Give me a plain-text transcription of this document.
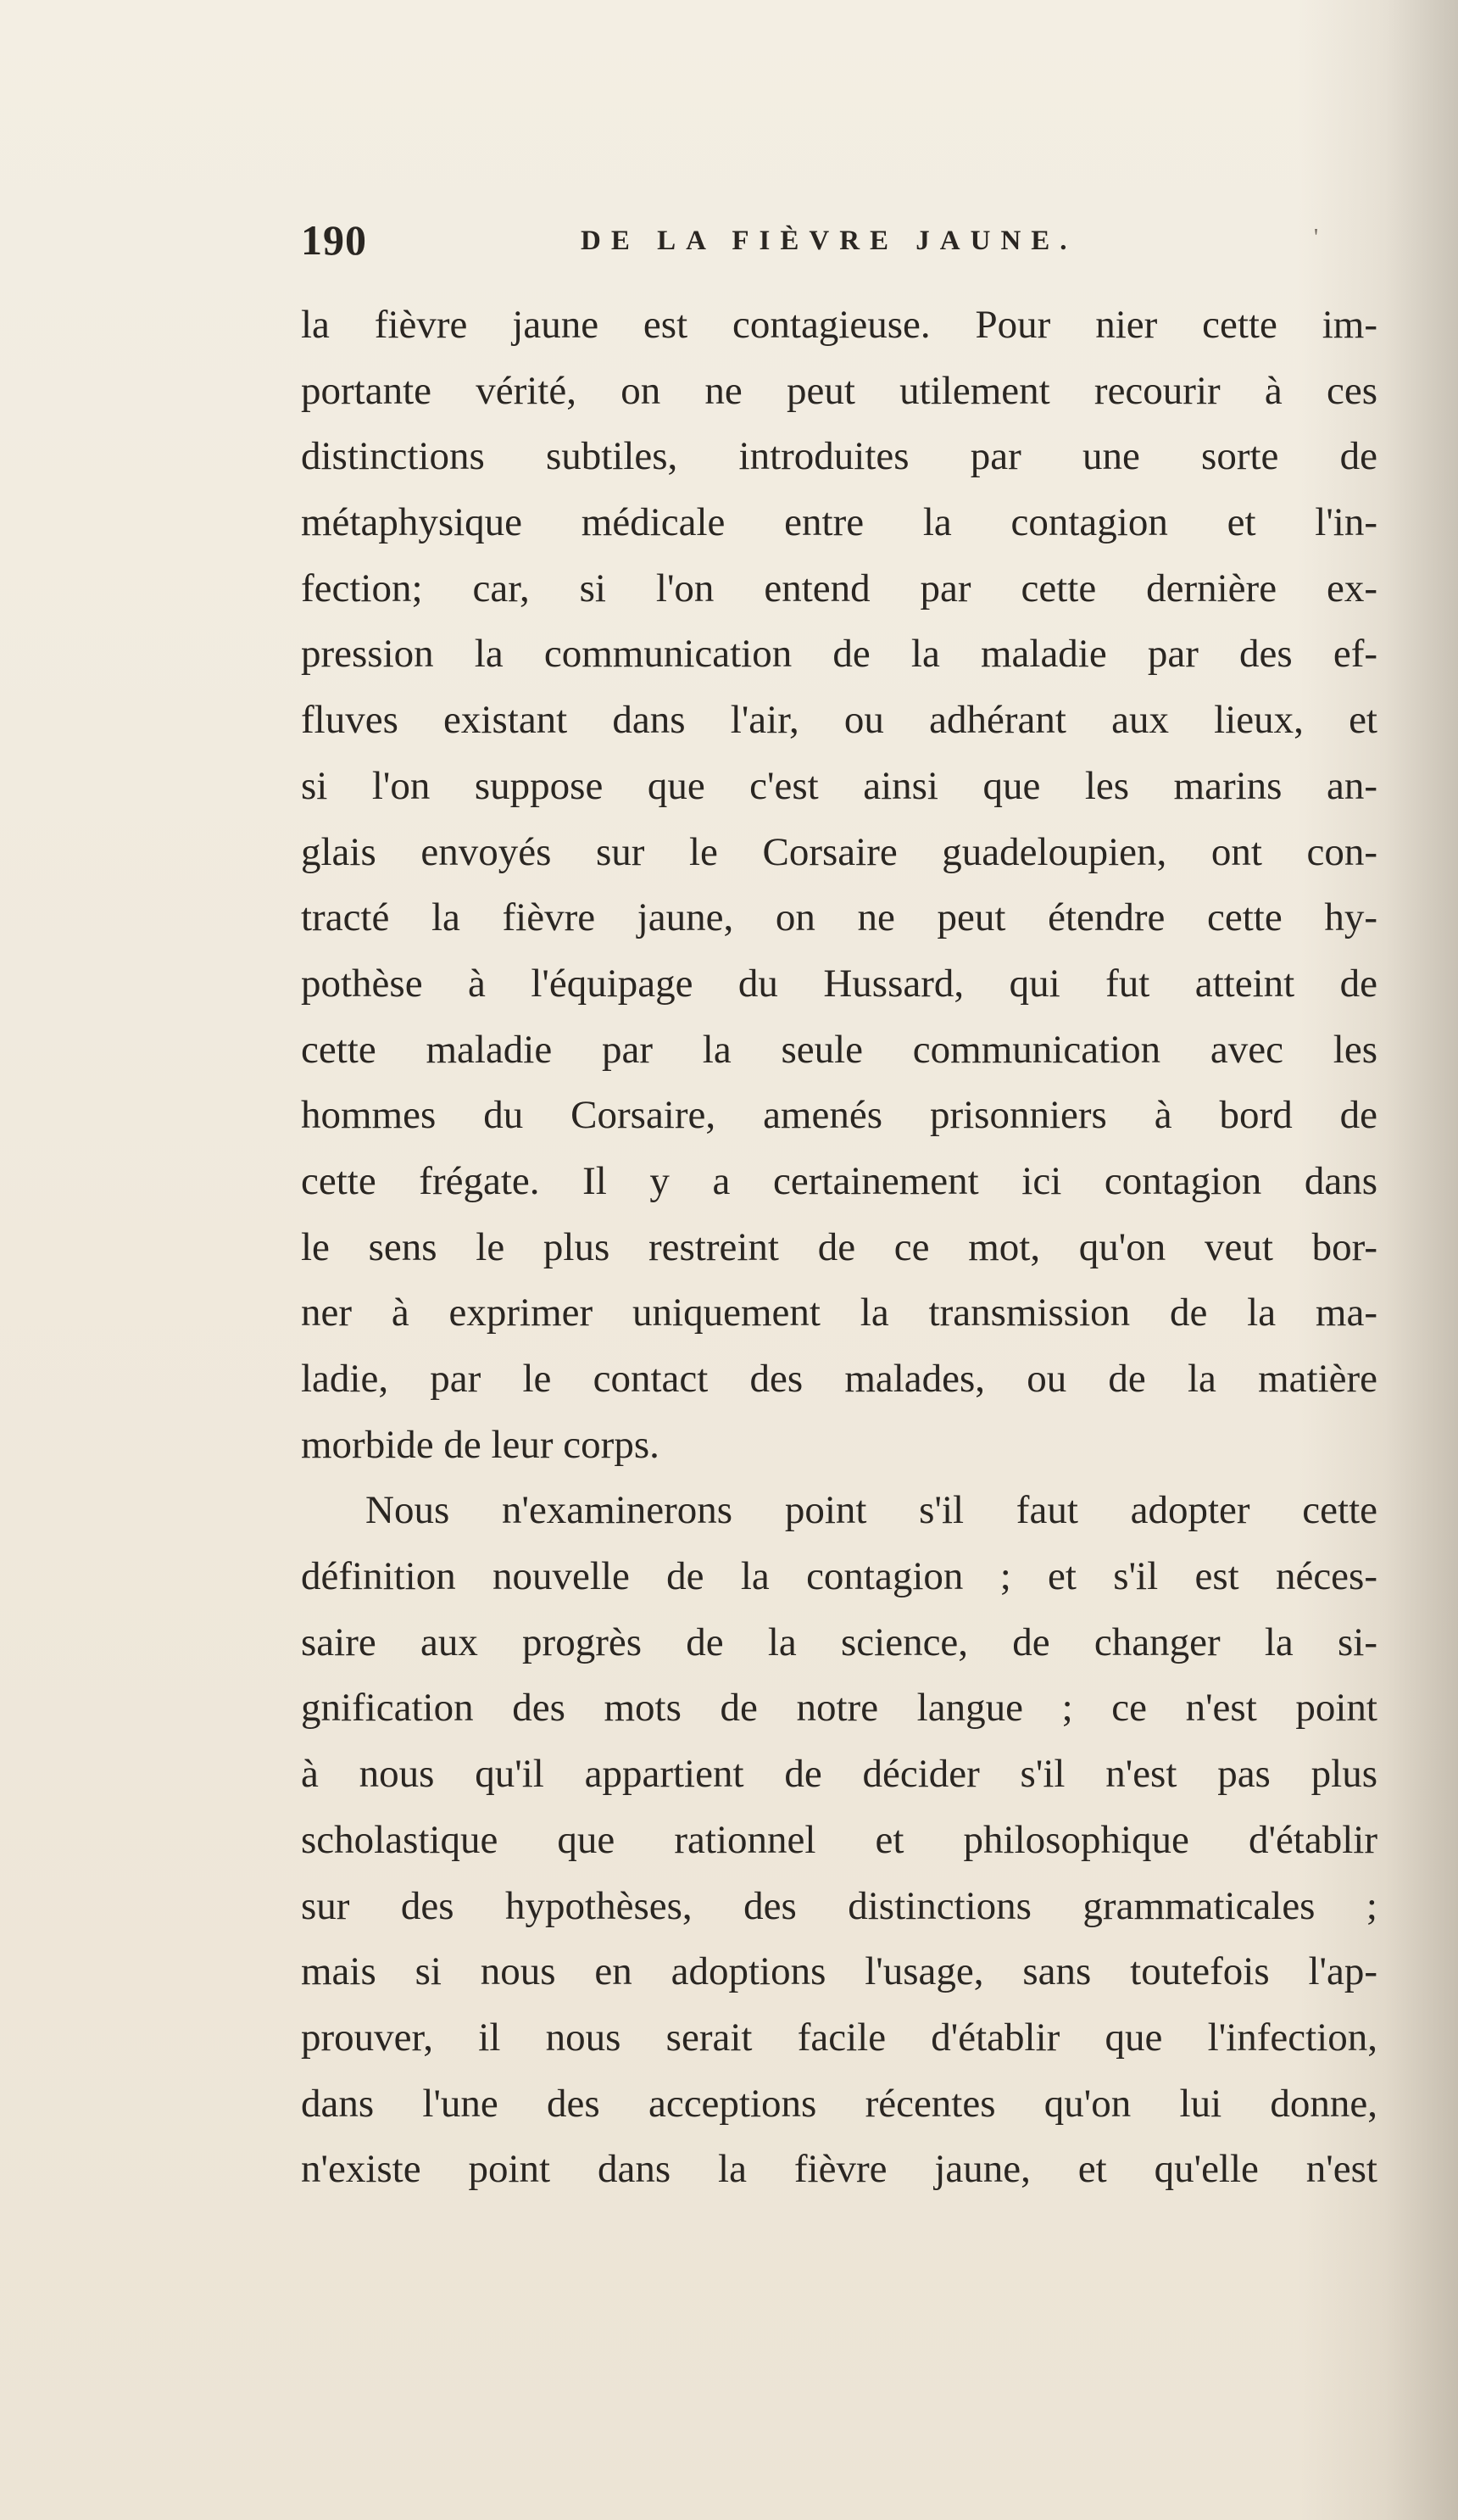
190	DE LA FIÈVRE JAUNE.	'
la fièvre jaune est contagieuse. Pour nier cette im-
portante vérité, on ne peut utilement recourir à ces
distinctions subtiles, introduites par une sorte de
métaphysique médicale entre la contagion et l'in-
fection; car, si l'on entend par cette dernière ex-
pression la communication de la maladie par des ef-
fluves existant dans l'air, ou adhérant aux lieux, et
si l'on suppose que c'est ainsi que les marins an-
glais envoyés sur le Corsaire guadeloupien, ont con-
tracté la fièvre jaune, on ne peut étendre cette hy-
pothèse à l'équipage du Hussard, qui fut atteint de
cette maladie par la seule communication avec les
hommes du Corsaire, amenés prisonniers à bord de
cette frégate. Il y a certainement ici contagion dans
le sens le plus restreint de ce mot, qu'on veut bor-
ner à exprimer uniquement la transmission de la ma-
ladie, par le contact des malades, ou de la matière
morbide de leur corps.
Nous n'examinerons point s'il faut adopter cette
définition nouvelle de la contagion ; et s'il est néces-
saire aux progrès de la science, de changer la si-
gnification des mots de notre langue ; ce n'est point
à nous qu'il appartient de décider s'il n'est pas plus
scholastique que rationnel et philosophique d'établir
sur des hypothèses, des distinctions grammaticales ;
mais si nous en adoptions l'usage, sans toutefois l'ap-
prouver, il nous serait facile d'établir que l'infection,
dans l'une des acceptions récentes qu'on lui donne,
n'existe point dans la fièvre jaune, et qu'elle n'est
